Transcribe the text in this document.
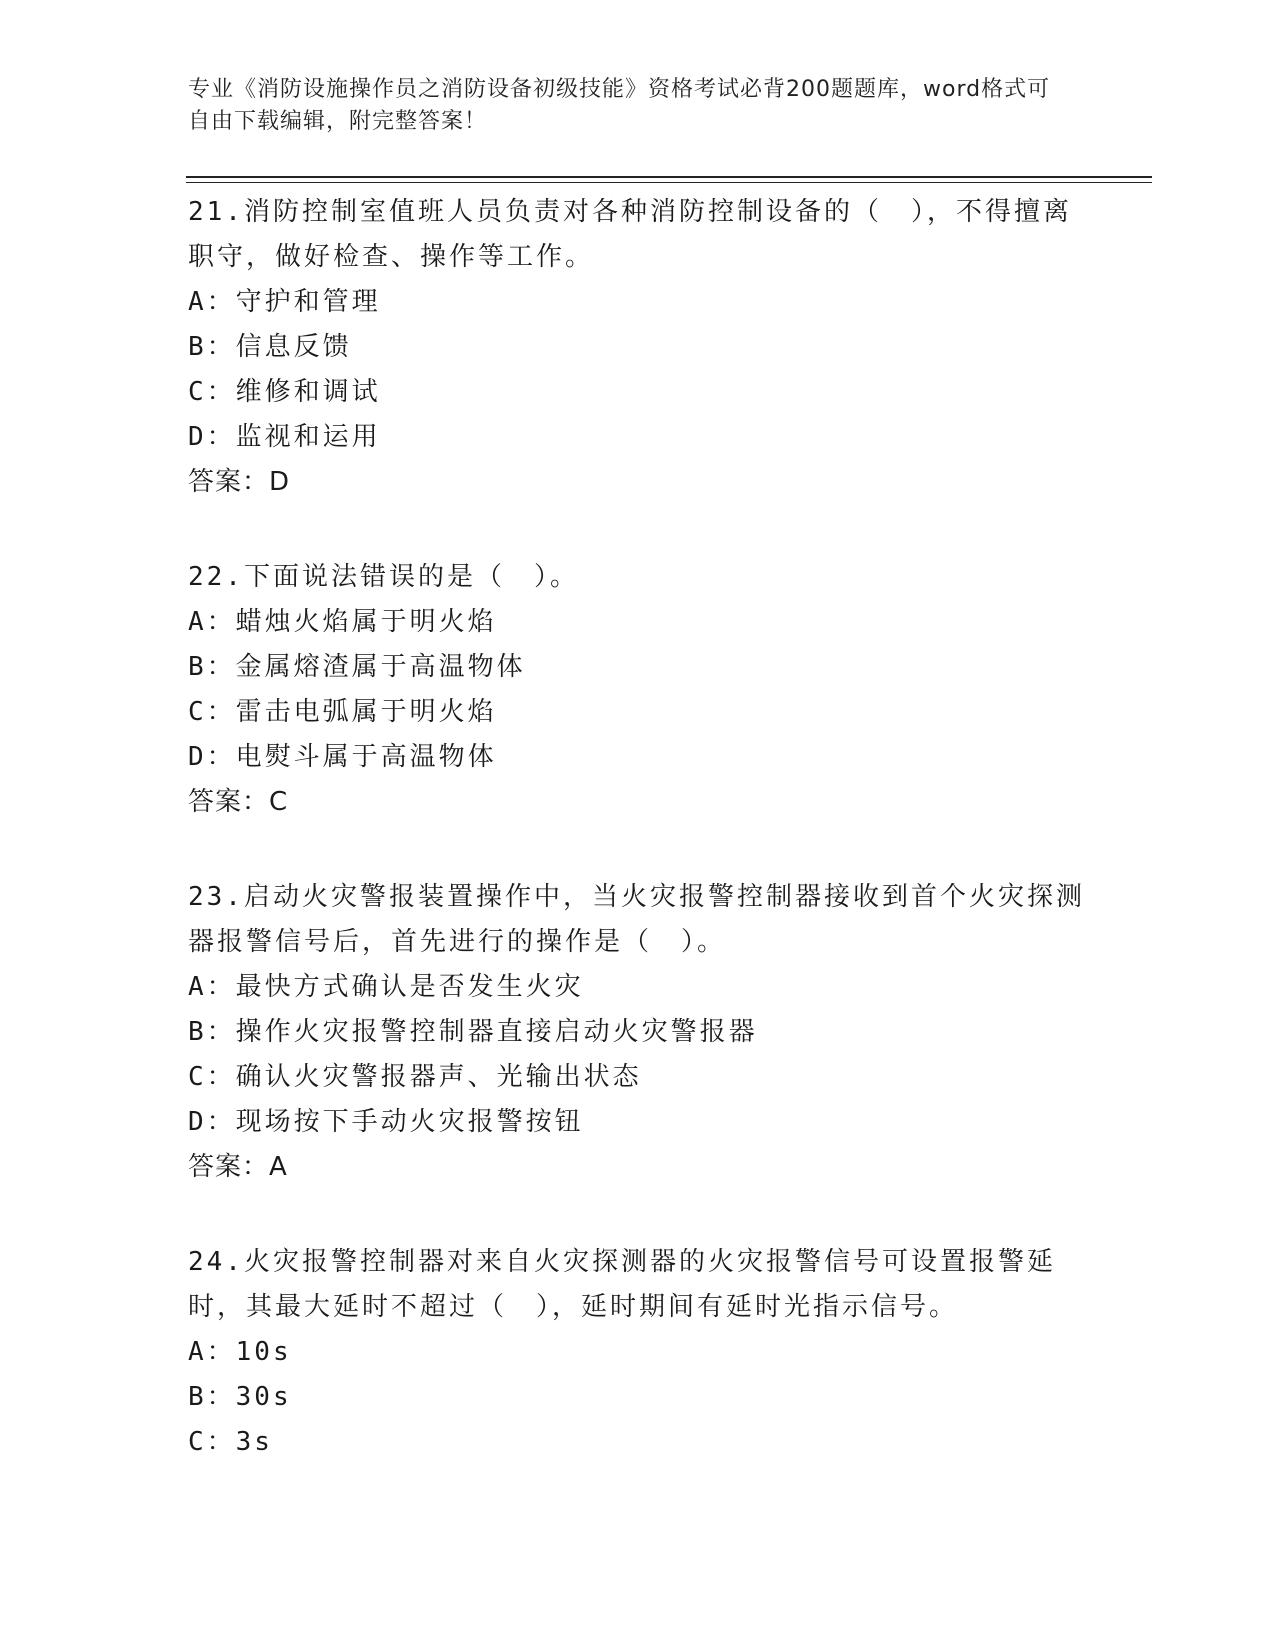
专业《消防设施操作员之消防设备初级技能》资格考试必背200题题库，word格式可自由下载编辑，附完整答案！

21.消防控制室值班人员负责对各种消防控制设备的（　），不得擅离职守，做好检查、操作等工作。

A：守护和管理

B：信息反馈

C：维修和调试

D：监视和运用

答案：D

22.下面说法错误的是（　）。

A：蜡烛火焰属于明火焰

B：金属熔渣属于高温物体

C：雷击电弧属于明火焰

D：电熨斗属于高温物体

答案：C

23.启动火灾警报装置操作中，当火灾报警控制器接收到首个火灾探测器报警信号后，首先进行的操作是（　）。

A：最快方式确认是否发生火灾

B：操作火灾报警控制器直接启动火灾警报器

C：确认火灾警报器声、光输出状态

D：现场按下手动火灾报警按钮

答案：A

24.火灾报警控制器对来自火灾探测器的火灾报警信号可设置报警延时，其最大延时不超过（　），延时期间有延时光指示信号。

A：10s

B：30s

C：3s
